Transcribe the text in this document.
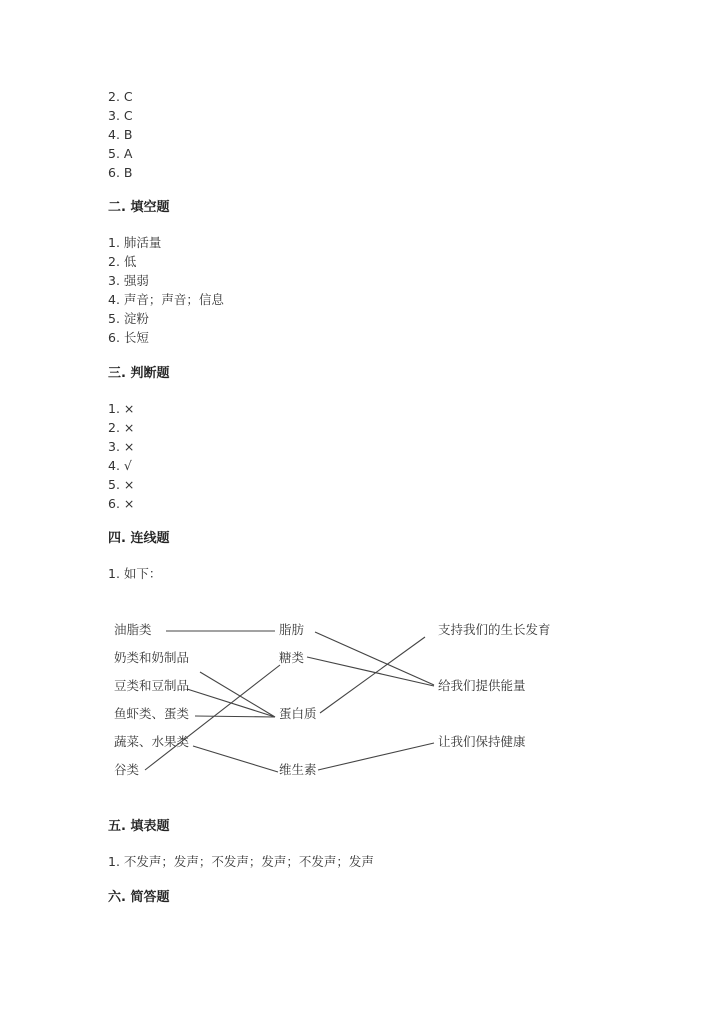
2. C
3. C
4. B
5. A
6. B
二. 填空题
1. 肺活量
2. 低
3. 强弱
4. 声音；声音；信息
5. 淀粉
6. 长短
三. 判断题
1. ×
2. ×
3. ×
4. √
5. ×
6. ×
四. 连线题
1. 如下：
油脂类
奶类和奶制品
豆类和豆制品
鱼虾类、蛋类
蔬菜、水果类
谷类
脂肪
糖类
蛋白质
维生素
支持我们的生长发育
给我们提供能量
让我们保持健康
五. 填表题
1. 不发声；发声；不发声；发声；不发声；发声
六. 简答题
